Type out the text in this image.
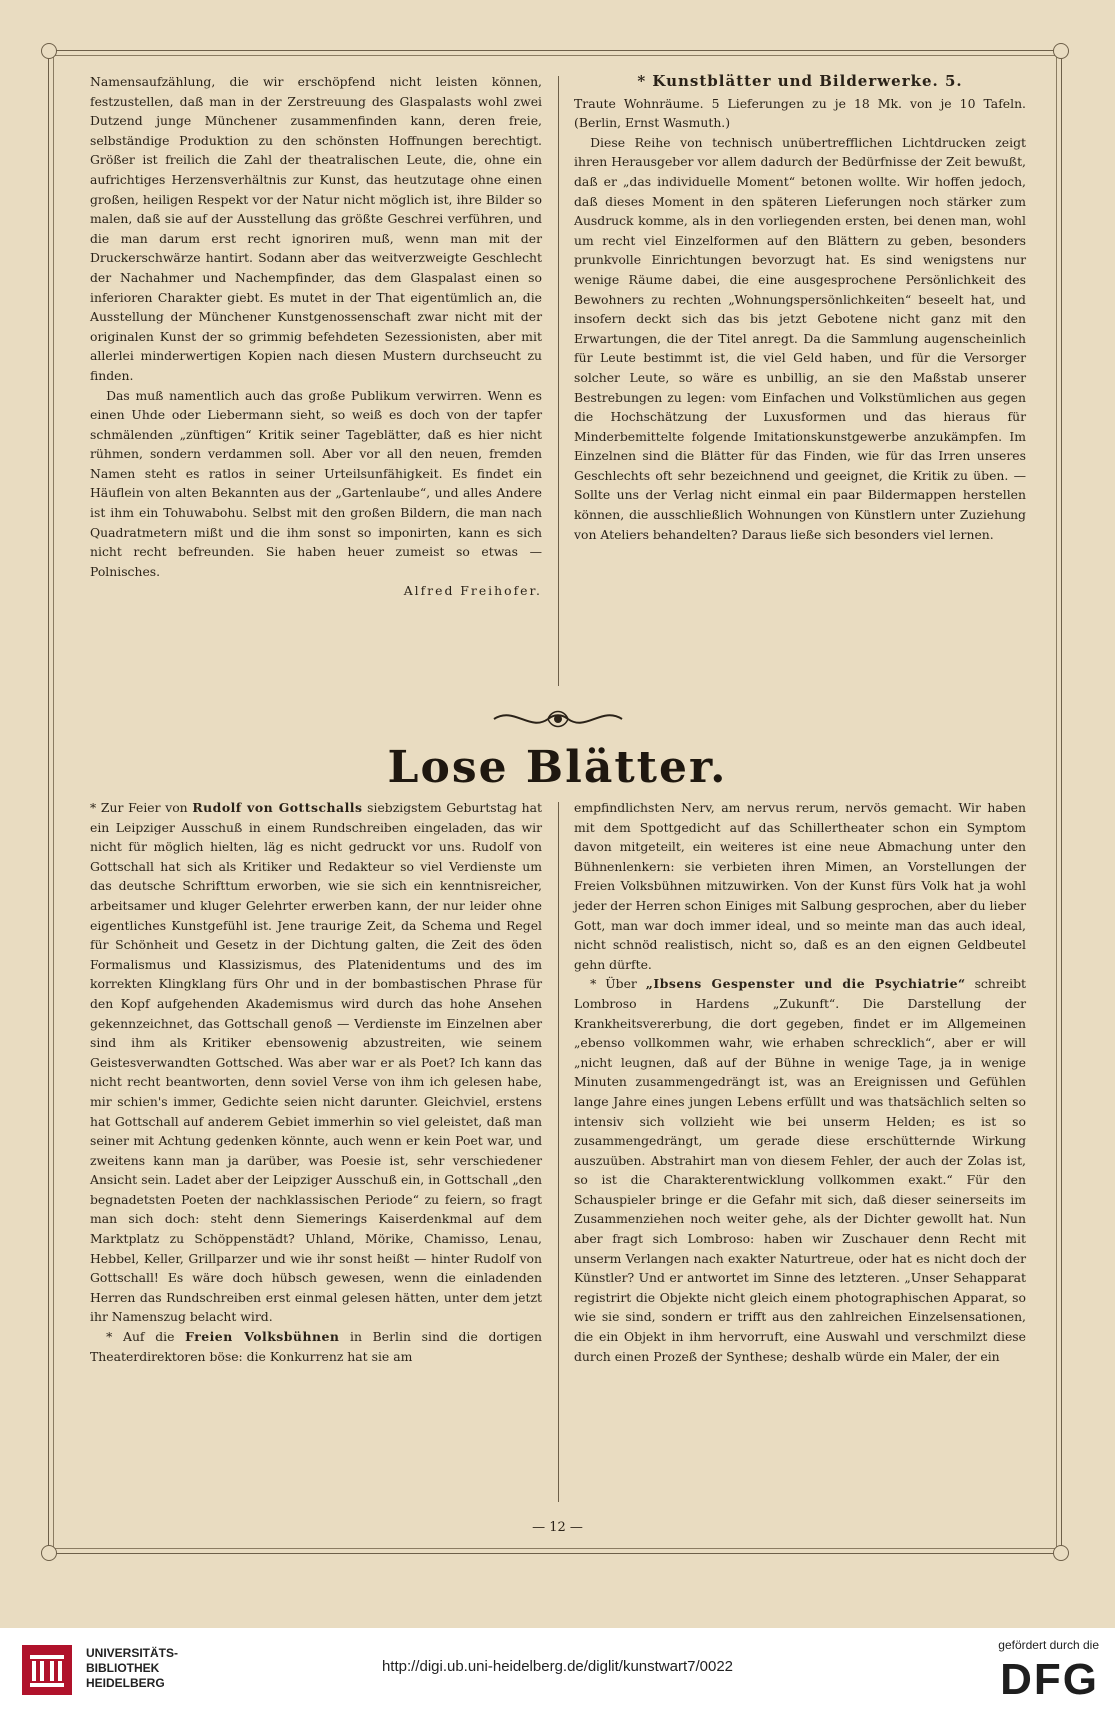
Namensaufzählung, die wir erschöpfend nicht leisten können, festzustellen, daß man in der Zerstreuung des Glaspalasts wohl zwei Dutzend junge Münchener zusammenfinden kann, deren freie, selbständige Produktion zu den schönsten Hoffnungen berechtigt. Größer ist freilich die Zahl der theatralischen Leute, die, ohne ein aufrichtiges Herzensverhältnis zur Kunst, das heutzutage ohne einen großen, heiligen Respekt vor der Natur nicht möglich ist, ihre Bilder so malen, daß sie auf der Ausstellung das größte Geschrei verführen, und die man darum erst recht ignoriren muß, wenn man mit der Druckerschwärze hantirt. Sodann aber das weitverzweigte Geschlecht der Nachahmer und Nachempfinder, das dem Glaspalast einen so inferioren Charakter giebt. Es mutet in der That eigentümlich an, die Ausstellung der Münchener Kunstgenossenschaft zwar nicht mit der originalen Kunst der so grimmig befehdeten Sezessionisten, aber mit allerlei minderwertigen Kopien nach diesen Mustern durchseucht zu finden.

Das muß namentlich auch das große Publikum verwirren. Wenn es einen Uhde oder Liebermann sieht, so weiß es doch von der tapfer schmälenden „zünftigen“ Kritik seiner Tageblätter, daß es hier nicht rühmen, sondern verdammen soll. Aber vor all den neuen, fremden Namen steht es ratlos in seiner Urteilsunfähigkeit. Es findet ein Häuflein von alten Bekannten aus der „Gartenlaube“, und alles Andere ist ihm ein Tohuwabohu. Selbst mit den großen Bildern, die man nach Quadratmetern mißt und die ihm sonst so imponirten, kann es sich nicht recht befreunden. Sie haben heuer zumeist so etwas — Polnisches.

Alfred Freihofer.
* Kunstblätter und Bilderwerke. 5.

Traute Wohnräume. 5 Lieferungen zu je 18 Mk. von je 10 Tafeln. (Berlin, Ernst Wasmuth.)

Diese Reihe von technisch unübertrefflichen Lichtdrucken zeigt ihren Herausgeber vor allem dadurch der Bedürfnisse der Zeit bewußt, daß er „das individuelle Moment“ betonen wollte. Wir hoffen jedoch, daß dieses Moment in den späteren Lieferungen noch stärker zum Ausdruck komme, als in den vorliegenden ersten, bei denen man, wohl um recht viel Einzelformen auf den Blättern zu geben, besonders prunkvolle Einrichtungen bevorzugt hat. Es sind wenigstens nur wenige Räume dabei, die eine ausgesprochene Persönlichkeit des Bewohners zu rechten „Wohnungspersönlichkeiten“ beseelt hat, und insofern deckt sich das bis jetzt Gebotene nicht ganz mit den Erwartungen, die der Titel anregt. Da die Sammlung augenscheinlich für Leute bestimmt ist, die viel Geld haben, und für die Versorger solcher Leute, so wäre es unbillig, an sie den Maßstab unserer Bestrebungen zu legen: vom Einfachen und Volkstümlichen aus gegen die Hochschätzung der Luxusformen und das hieraus für Minderbemittelte folgende Imitationskunstgewerbe anzukämpfen. Im Einzelnen sind die Blätter für das Finden, wie für das Irren unseres Geschlechts oft sehr bezeichnend und geeignet, die Kritik zu üben. — Sollte uns der Verlag nicht einmal ein paar Bildermappen herstellen können, die ausschließlich Wohnungen von Künstlern unter Zuziehung von Ateliers behandelten? Daraus ließe sich besonders viel lernen.

Lose Blätter.

* Zur Feier von Rudolf von Gottschalls siebzigstem Geburtstag hat ein Leipziger Ausschuß in einem Rundschreiben eingeladen, das wir nicht für möglich hielten, läg es nicht gedruckt vor uns. Rudolf von Gottschall hat sich als Kritiker und Redakteur so viel Verdienste um das deutsche Schrifttum erworben, wie sie sich ein kenntnisreicher, arbeitsamer und kluger Gelehrter erwerben kann, der nur leider ohne eigentliches Kunstgefühl ist. Jene traurige Zeit, da Schema und Regel für Schönheit und Gesetz in der Dichtung galten, die Zeit des öden Formalismus und Klassizismus, des Platenidentums und des im korrekten Klingklang fürs Ohr und in der bombastischen Phrase für den Kopf aufgehenden Akademismus wird durch das hohe Ansehen gekennzeichnet, das Gottschall genoß — Verdienste im Einzelnen aber sind ihm als Kritiker ebensowenig abzustreiten, wie seinem Geistesverwandten Gottsched. Was aber war er als Poet? Ich kann das nicht recht beantworten, denn soviel Verse von ihm ich gelesen habe, mir schien's immer, Gedichte seien nicht darunter. Gleichviel, erstens hat Gottschall auf anderem Gebiet immerhin so viel geleistet, daß man seiner mit Achtung gedenken könnte, auch wenn er kein Poet war, und zweitens kann man ja darüber, was Poesie ist, sehr verschiedener Ansicht sein. Ladet aber der Leipziger Ausschuß ein, in Gottschall „den begnadetsten Poeten der nachklassischen Periode“ zu feiern, so fragt man sich doch: steht denn Siemerings Kaiserdenkmal auf dem Marktplatz zu Schöppenstädt? Uhland, Mörike, Chamisso, Lenau, Hebbel, Keller, Grillparzer und wie ihr sonst heißt — hinter Rudolf von Gottschall! Es wäre doch hübsch gewesen, wenn die einladenden Herren das Rundschreiben erst einmal gelesen hätten, unter dem jetzt ihr Namenszug belacht wird.

* Auf die Freien Volksbühnen in Berlin sind die dortigen Theaterdirektoren böse: die Konkurrenz hat sie am

empfindlichsten Nerv, am nervus rerum, nervös gemacht. Wir haben mit dem Spottgedicht auf das Schillertheater schon ein Symptom davon mitgeteilt, ein weiteres ist eine neue Abmachung unter den Bühnenlenkern: sie verbieten ihren Mimen, an Vorstellungen der Freien Volksbühnen mitzuwirken. Von der Kunst fürs Volk hat ja wohl jeder der Herren schon Einiges mit Salbung gesprochen, aber du lieber Gott, man war doch immer ideal, und so meinte man das auch ideal, nicht schnöd realistisch, nicht so, daß es an den eignen Geldbeutel gehn dürfte.

* Über „Ibsens Gespenster und die Psychiatrie“ schreibt Lombroso in Hardens „Zukunft“. Die Darstellung der Krankheitsvererbung, die dort gegeben, findet er im Allgemeinen „ebenso vollkommen wahr, wie erhaben schrecklich“, aber er will „nicht leugnen, daß auf der Bühne in wenige Tage, ja in wenige Minuten zusammengedrängt ist, was an Ereignissen und Gefühlen lange Jahre eines jungen Lebens erfüllt und was thatsächlich selten so intensiv sich vollzieht wie bei unserm Helden; es ist so zusammengedrängt, um gerade diese erschütternde Wirkung auszuüben. Abstrahirt man von diesem Fehler, der auch der Zolas ist, so ist die Charakterentwicklung vollkommen exakt.“ Für den Schauspieler bringe er die Gefahr mit sich, daß dieser seinerseits im Zusammenziehen noch weiter gehe, als der Dichter gewollt hat. Nun aber fragt sich Lombroso: haben wir Zuschauer denn Recht mit unserm Verlangen nach exakter Naturtreue, oder hat es nicht doch der Künstler? Und er antwortet im Sinne des letzteren. „Unser Sehapparat registrirt die Objekte nicht gleich einem photographischen Apparat, so wie sie sind, sondern er trifft aus den zahlreichen Einzelsensationen, die ein Objekt in ihm hervorruft, eine Auswahl und verschmilzt diese durch einen Prozeß der Synthese; deshalb würde ein Maler, der ein

— 12 —
UNIVERSITÄTS-
BIBLIOTHEK
HEIDELBERG
http://digi.ub.uni-heidelberg.de/diglit/kunstwart7/0022
gefördert durch die
DFG
